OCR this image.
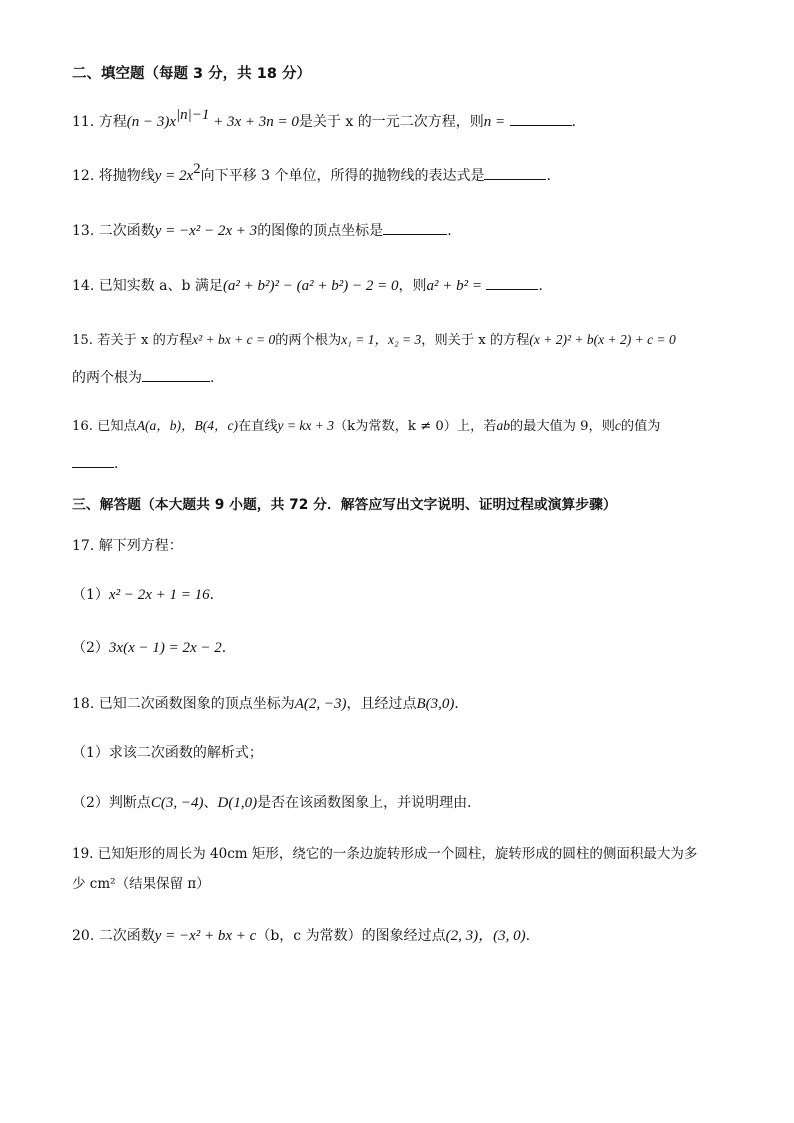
二、填空题（每题 3 分，共 18 分）
11. 方程$(n - 3)x^{|n|-1} + 3x + 3n = 0$是关于 x 的一元二次方程，则n =	.
12. 将抛物线$y = 2x^2$向下平移 3 个单位，所得的抛物线的表达式是	.
13. 二次函数y = −x² − 2x + 3的图像的顶点坐标是	.
14. 已知实数 a、b 满足(a² + b²)² − (a² + b²) − 2 = 0，则a² + b² =	.
15. 若关于 x 的方程x² + bx + c = 0的两个根为x₁ = 1，x₂ = 3，则关于 x 的方程(x + 2)² + b(x + 2) + c = 0
的两个根为	.
16. 已知点A(a，b)，B(4，c)在直线y = kx + 3（k为常数，k ≠ 0）上，若ab的最大值为 9，则c的值为
.
三、解答题（本大题共 9 小题，共 72 分．解答应写出文字说明、证明过程或演算步骤）
17. 解下列方程：
（1）x² − 2x + 1 = 16．
（2）3x(x − 1) = 2x − 2．
18. 已知二次函数图象的顶点坐标为A(2, −3)，且经过点B(3,0)．
（1）求该二次函数的解析式；
（2）判断点C(3, −4)、D(1,0)是否在该函数图象上，并说明理由．
19. 已知矩形的周长为 40cm 矩形，绕它的一条边旋转形成一个圆柱，旋转形成的圆柱的侧面积最大为多
少 cm²（结果保留 π）
20. 二次函数y = −x² + bx + c（b，c 为常数）的图象经过点(2, 3)，(3, 0).
